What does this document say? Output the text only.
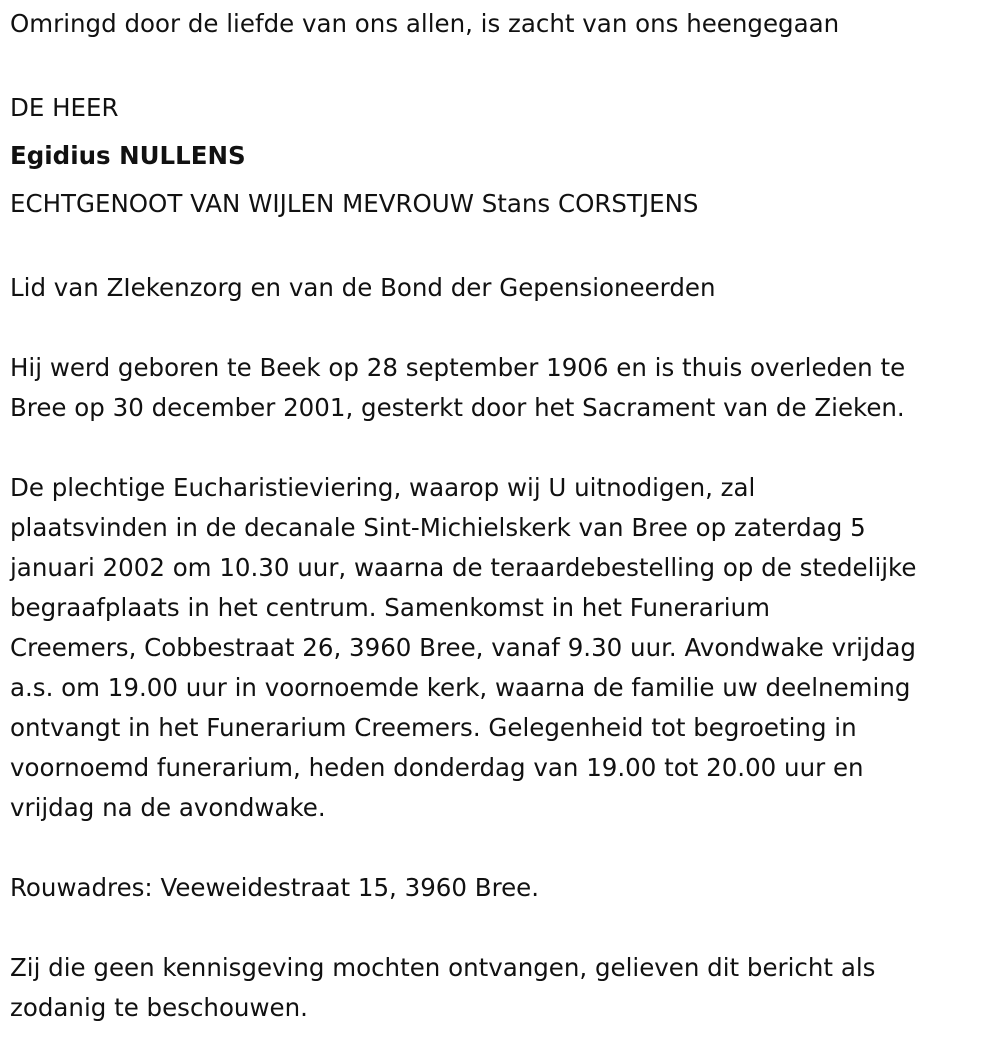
Omringd door de liefde van ons allen, is zacht van ons heengegaan
DE HEER
Egidius NULLENS
ECHTGENOOT VAN WIJLEN MEVROUW Stans CORSTJENS
Lid van ZIekenzorg en van de Bond der Gepensioneerden

Hij werd geboren te Beek op 28 september 1906 en is thuis overleden te
Bree op 30 december 2001, gesterkt door het Sacrament van de Zieken.

De plechtige Eucharistieviering, waarop wij U uitnodigen, zal
plaatsvinden in de decanale Sint-Michielskerk van Bree op zaterdag 5
januari 2002 om 10.30 uur, waarna de teraardebestelling op de stedelijke
begraafplaats in het centrum. Samenkomst in het Funerarium
Creemers, Cobbestraat 26, 3960 Bree, vanaf 9.30 uur. Avondwake vrijdag
a.s. om 19.00 uur in voornoemde kerk, waarna de familie uw deelneming
ontvangt in het Funerarium Creemers. Gelegenheid tot begroeting in
voornoemd funerarium, heden donderdag van 19.00 tot 20.00 uur en
vrijdag na de avondwake.

Rouwadres: Veeweidestraat 15, 3960 Bree.

Zij die geen kennisgeving mochten ontvangen, gelieven dit bericht als
zodanig te beschouwen.
